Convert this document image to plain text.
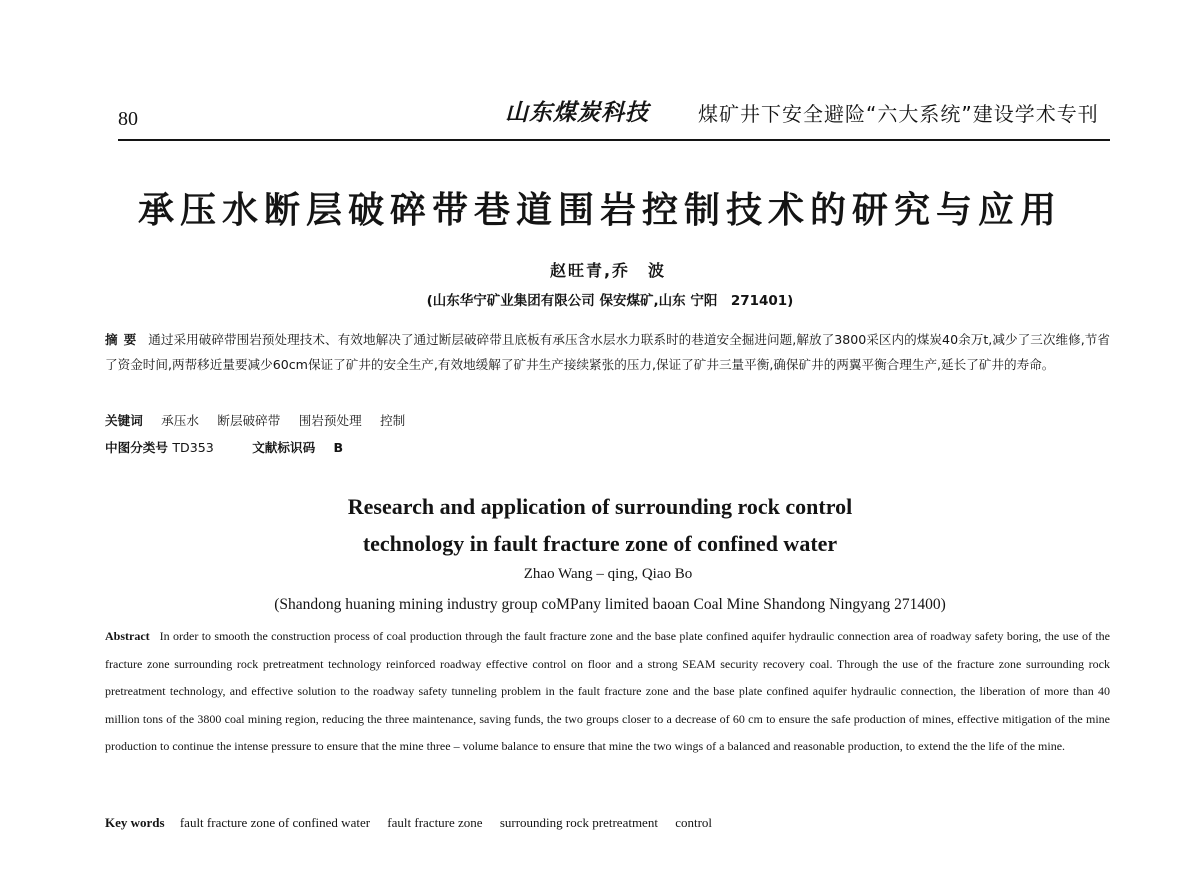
80	山东煤炭科技 煤矿井下安全避险“六大系统”建设学术专刊
承压水断层破碎带巷道围岩控制技术的研究与应用
赵旺青,乔　波
(山东华宁矿业集团有限公司 保安煤矿,山东 宁阳　271401)
摘要 通过采用破碎带围岩预处理技术、有效地解决了通过断层破碎带且底板有承压含水层水力联系时的巷道安全掘进问题,解放了3800采区内的煤炭40余万t,减少了三次维修,节省了资金时间,两帮移近量要减少60cm保证了矿井的安全生产,有效地缓解了矿井生产接续紧张的压力,保证了矿井三量平衡,确保矿井的两翼平衡合理生产,延长了矿井的寿命。
关键词 承压水 断层破碎带 围岩预处理 控制
中图分类号 TD353	文献标识码 B
Research and application of surrounding rock control
technology in fault fracture zone of confined water
Zhao Wang – qing, Qiao Bo
(Shandong huaning mining industry group coMPany limited baoan Coal Mine Shandong Ningyang 271400)
Abstract In order to smooth the construction process of coal production through the fault fracture zone and the base plate confined aquifer hydraulic connection area of roadway safety boring, the use of the fracture zone surrounding rock pretreatment technology reinforced roadway effective control on floor and a strong SEAM security recovery coal. Through the use of the fracture zone surrounding rock pretreatment technology, and effective solution to the roadway safety tunneling problem in the fault fracture zone and the base plate confined aquifer hydraulic connection, the liberation of more than 40 million tons of the 3800 coal mining region, reducing the three maintenance, saving funds, the two groups closer to a decrease of 60 cm to ensure the safe production of mines, effective mitigation of the mine production to continue the intense pressure to ensure that the mine three – volume balance to ensure that mine the two wings of a balanced and reasonable production, to extend the the life of the mine.
Key words fault fracture zone of confined water fault fracture zone surrounding rock pretreatment control
